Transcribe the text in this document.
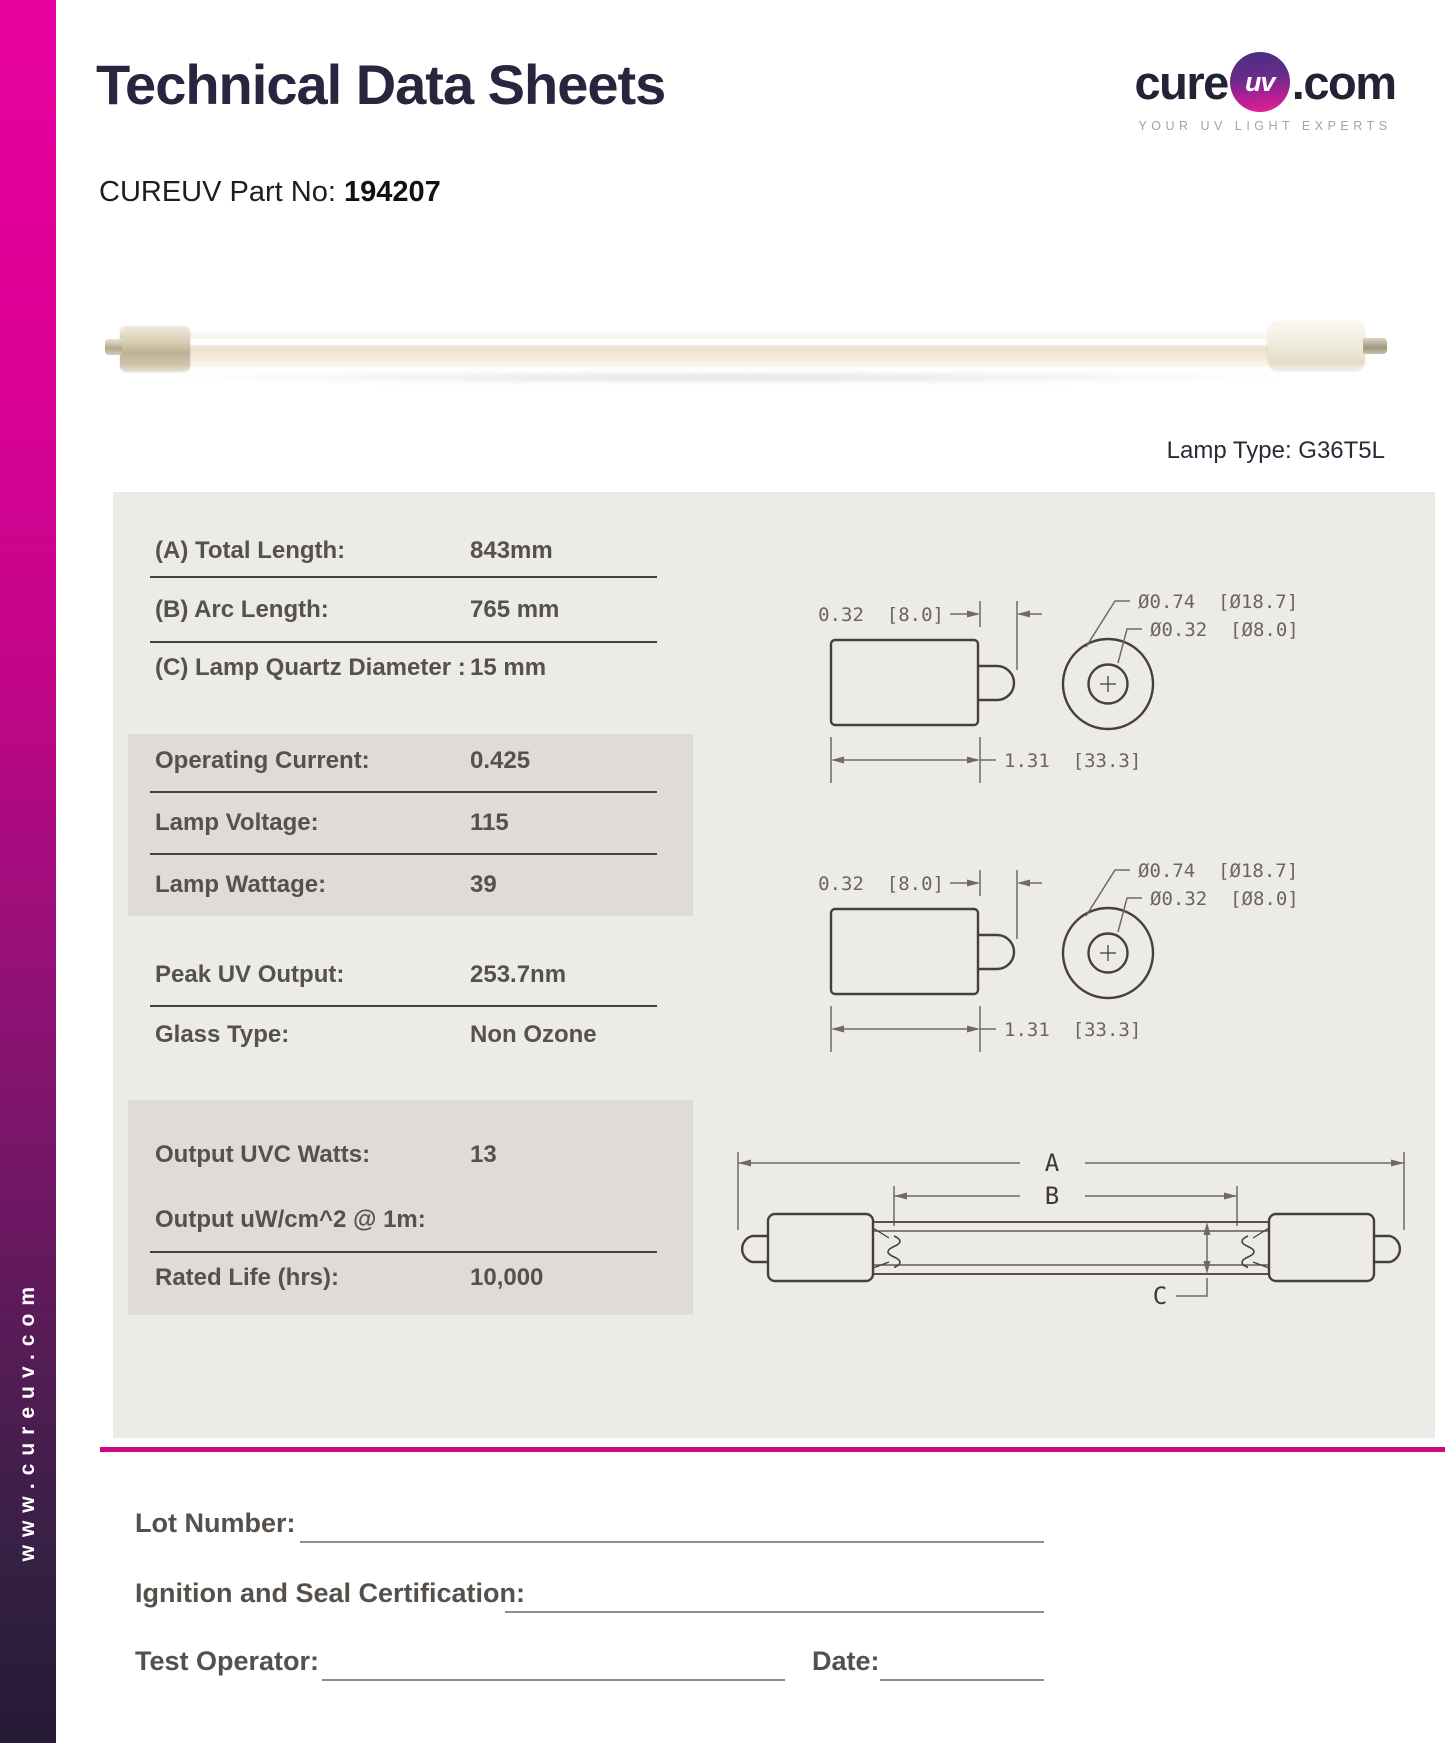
www.cureuv.com
Technical Data Sheets
CUREUV Part No: 194207
cure uv .com
YOUR UV LIGHT EXPERTS
Lamp Type: G36T5L
(A) Total Length:	843mm
(B) Arc Length:	765 mm
(C) Lamp Quartz Diameter : 15 mm
Operating Current:	0.425
Lamp Voltage:	115
Lamp Wattage:	39
Peak UV Output:	253.7nm
Glass Type:	Non Ozone
Output UVC Watts:	13
Output uW/cm^2 @ 1m:
Rated Life (hrs):	10,000
0.32  [8.0]
Ø0.74  [Ø18.7]
Ø0.32  [Ø8.0]
1.31  [33.3]
0.32  [8.0]
Ø0.74  [Ø18.7]
Ø0.32  [Ø8.0]
1.31  [33.3]
A
B
C
Lot Number:
Ignition and Seal Certification:
Test Operator:	Date:
